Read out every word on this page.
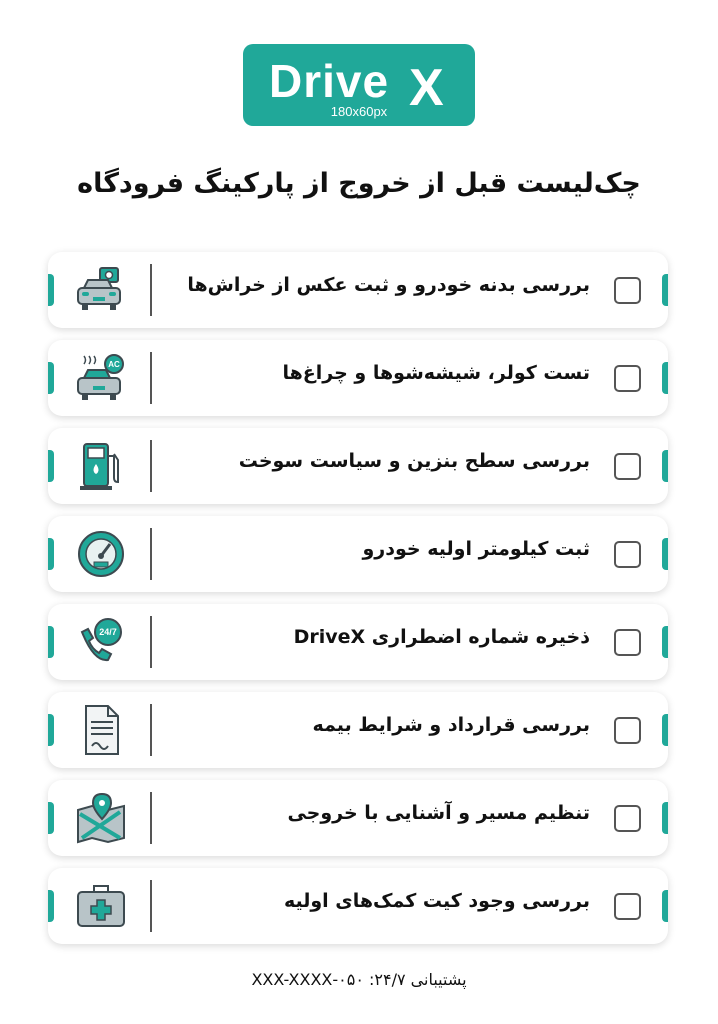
Drive X
180x60px
چک‌لیست قبل از خروج از پارکینگ فرودگاه
بررسی بدنه خودرو و ثبت عکس از خراش‌ها
تست کولر، شیشه‌شوها و چراغ‌ها
AC
بررسی سطح بنزین و سیاست سوخت
ثبت کیلومتر اولیه خودرو
ذخیره شماره اضطراری DriveX
24/7
بررسی قرارداد و شرایط بیمه
تنظیم مسیر و آشنایی با خروجی
بررسی وجود کیت کمک‌های اولیه
پشتیبانی ۲۴/۷: ۰۵۰-XXX-XXXX
